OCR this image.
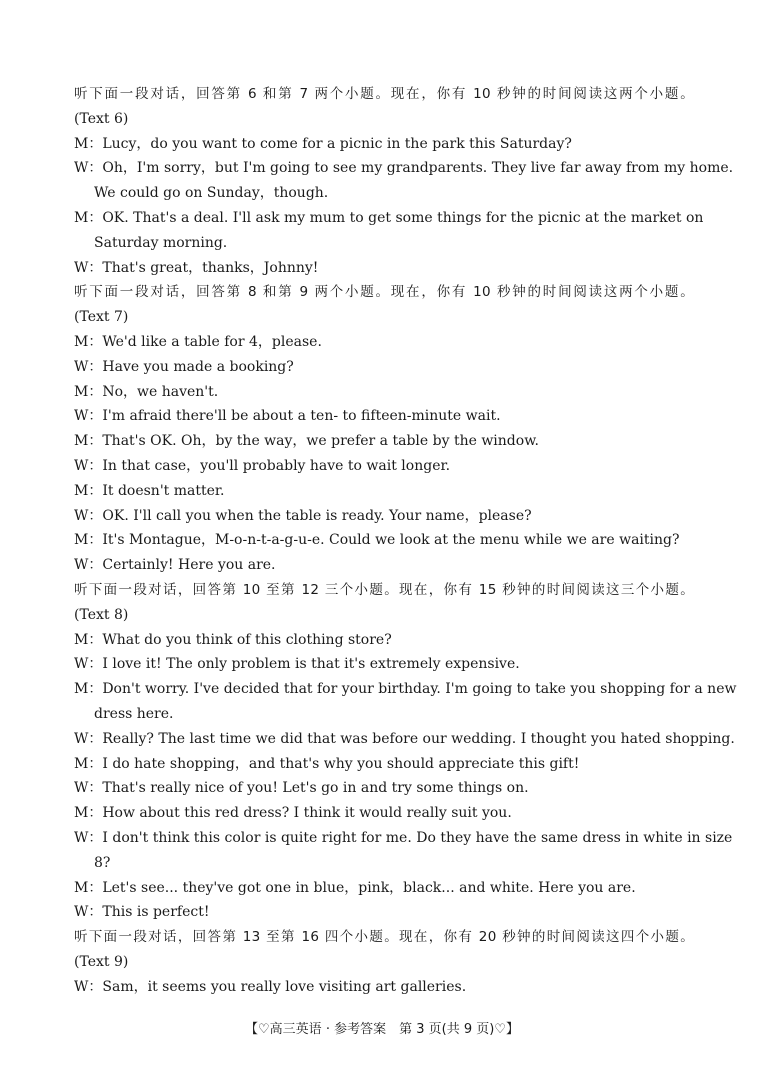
听下面一段对话，回答第 6 和第 7 两个小题。现在，你有 10 秒钟的时间阅读这两个小题。
(Text 6)
M：Lucy，do you want to come for a picnic in the park this Saturday?
W：Oh，I'm sorry，but I'm going to see my grandparents. They live far away from my home.
We could go on Sunday，though.
M：OK. That's a deal. I'll ask my mum to get some things for the picnic at the market on
Saturday morning.
W：That's great，thanks，Johnny!
听下面一段对话，回答第 8 和第 9 两个小题。现在，你有 10 秒钟的时间阅读这两个小题。
(Text 7)
M：We'd like a table for 4，please.
W：Have you made a booking?
M：No，we haven't.
W：I'm afraid there'll be about a ten- to fifteen-minute wait.
M：That's OK. Oh，by the way，we prefer a table by the window.
W：In that case，you'll probably have to wait longer.
M：It doesn't matter.
W：OK. I'll call you when the table is ready. Your name，please?
M：It's Montague，M-o-n-t-a-g-u-e. Could we look at the menu while we are waiting?
W：Certainly! Here you are.
听下面一段对话，回答第 10 至第 12 三个小题。现在，你有 15 秒钟的时间阅读这三个小题。
(Text 8)
M：What do you think of this clothing store?
W：I love it! The only problem is that it's extremely expensive.
M：Don't worry. I've decided that for your birthday. I'm going to take you shopping for a new
dress here.
W：Really? The last time we did that was before our wedding. I thought you hated shopping.
M：I do hate shopping，and that's why you should appreciate this gift!
W：That's really nice of you! Let's go in and try some things on.
M：How about this red dress? I think it would really suit you.
W：I don't think this color is quite right for me. Do they have the same dress in white in size
8?
M：Let's see... they've got one in blue，pink，black... and white. Here you are.
W：This is perfect!
听下面一段对话，回答第 13 至第 16 四个小题。现在，你有 20 秒钟的时间阅读这四个小题。
(Text 9)
W：Sam，it seems you really love visiting art galleries.
【♡高三英语 · 参考答案　第 3 页(共 9 页)♡】
